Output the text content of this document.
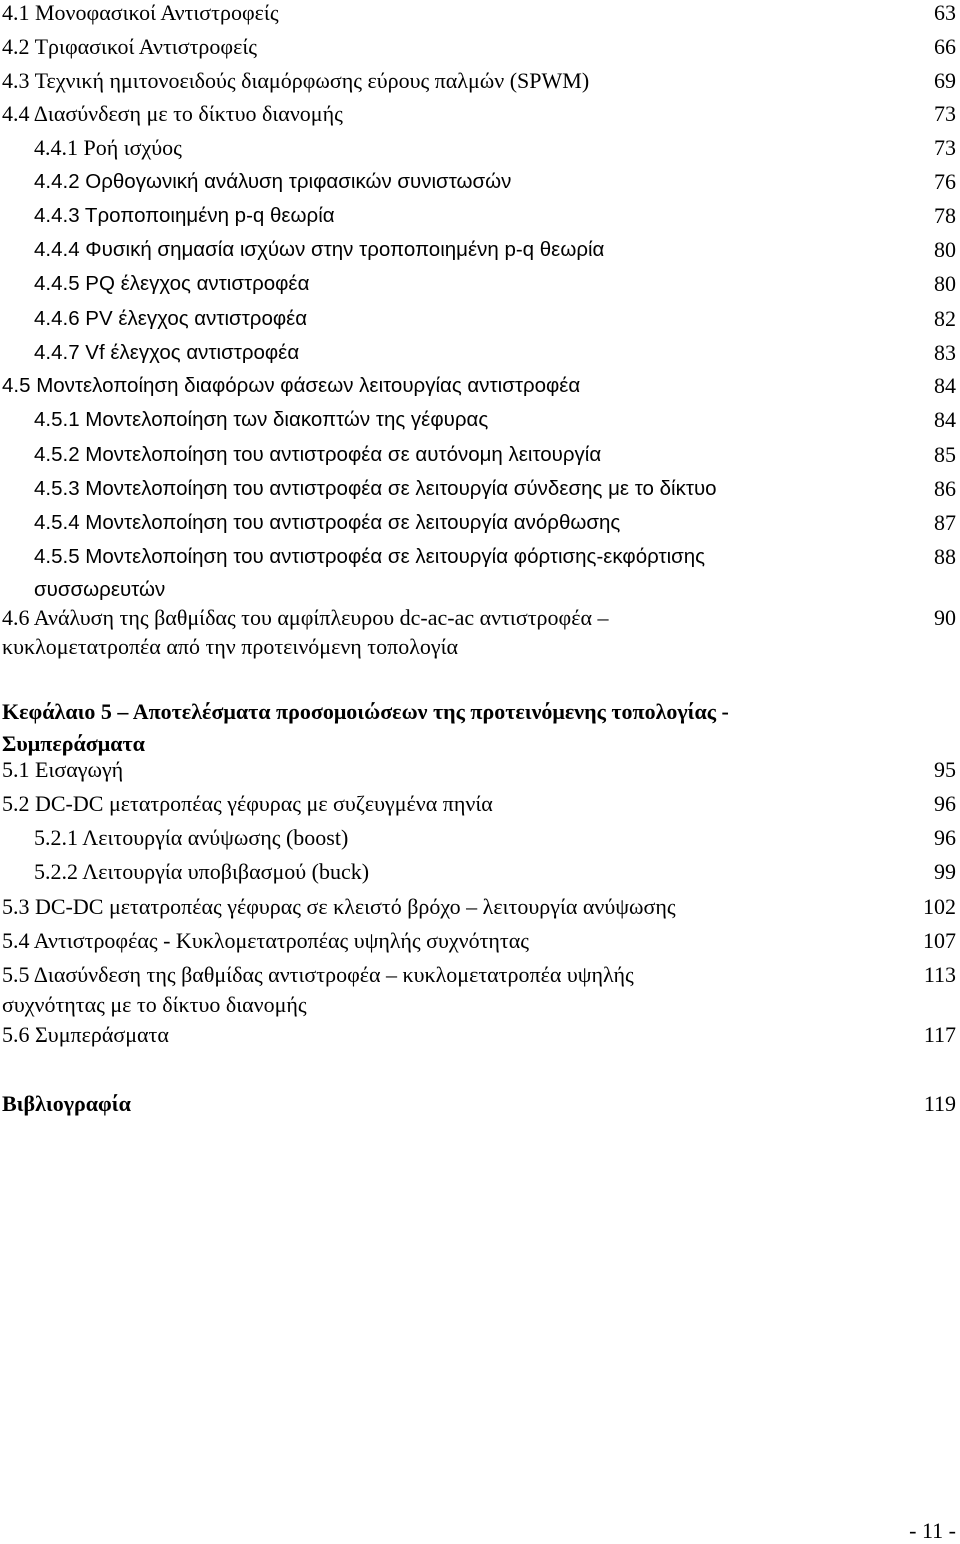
4.1 Μονοφασικοί Αντιστροφείς	63
4.2 Τριφασικοί Αντιστροφείς	66
4.3 Τεχνική ημιτονοειδούς διαμόρφωσης εύρους παλμών (SPWM)	69
4.4 Διασύνδεση με το δίκτυο διανομής	73
4.4.1 Ροή ισχύος	73
4.4.2 Ορθογωνική ανάλυση τριφασικών συνιστωσών	76
4.4.3 Τροποποιημένη p-q θεωρία	78
4.4.4 Φυσική σημασία ισχύων στην τροποποιημένη p-q θεωρία	80
4.4.5 PQ έλεγχος αντιστροφέα	80
4.4.6 PV έλεγχος αντιστροφέα	82
4.4.7 Vf έλεγχος αντιστροφέα	83
4.5 Μοντελοποίηση διαφόρων φάσεων λειτουργίας αντιστροφέα	84
4.5.1 Μοντελοποίηση των διακοπτών της γέφυρας	84
4.5.2 Μοντελοποίηση του αντιστροφέα σε αυτόνομη λειτουργία	85
4.5.3 Μοντελοποίηση του αντιστροφέα σε λειτουργία σύνδεσης με το δίκτυο	86
4.5.4 Μοντελοποίηση του αντιστροφέα σε λειτουργία ανόρθωσης	87
4.5.5 Μοντελοποίηση του αντιστροφέα σε λειτουργία φόρτισης-εκφόρτισης	88
συσσωρευτών
4.6 Ανάλυση της βαθμίδας του αμφίπλευρου dc-ac-ac αντιστροφέα –	90
κυκλομετατροπέα από την προτεινόμενη τοπολογία
Κεφάλαιο 5 – Αποτελέσματα προσομοιώσεων της προτεινόμενης τοπολογίας -
Συμπεράσματα
5.1 Εισαγωγή	95
5.2 DC-DC μετατροπέας γέφυρας με συζευγμένα πηνία	96
5.2.1 Λειτουργία ανύψωσης (boost)	96
5.2.2 Λειτουργία υποβιβασμού (buck)	99
5.3 DC-DC μετατροπέας γέφυρας σε κλειστό βρόχο – λειτουργία ανύψωσης	102
5.4 Αντιστροφέας - Κυκλομετατροπέας υψηλής συχνότητας	107
5.5 Διασύνδεση της βαθμίδας αντιστροφέα – κυκλομετατροπέα υψηλής	113
συχνότητας με το δίκτυο διανομής
5.6 Συμπεράσματα	117
Βιβλιογραφία	119
- 11 -
